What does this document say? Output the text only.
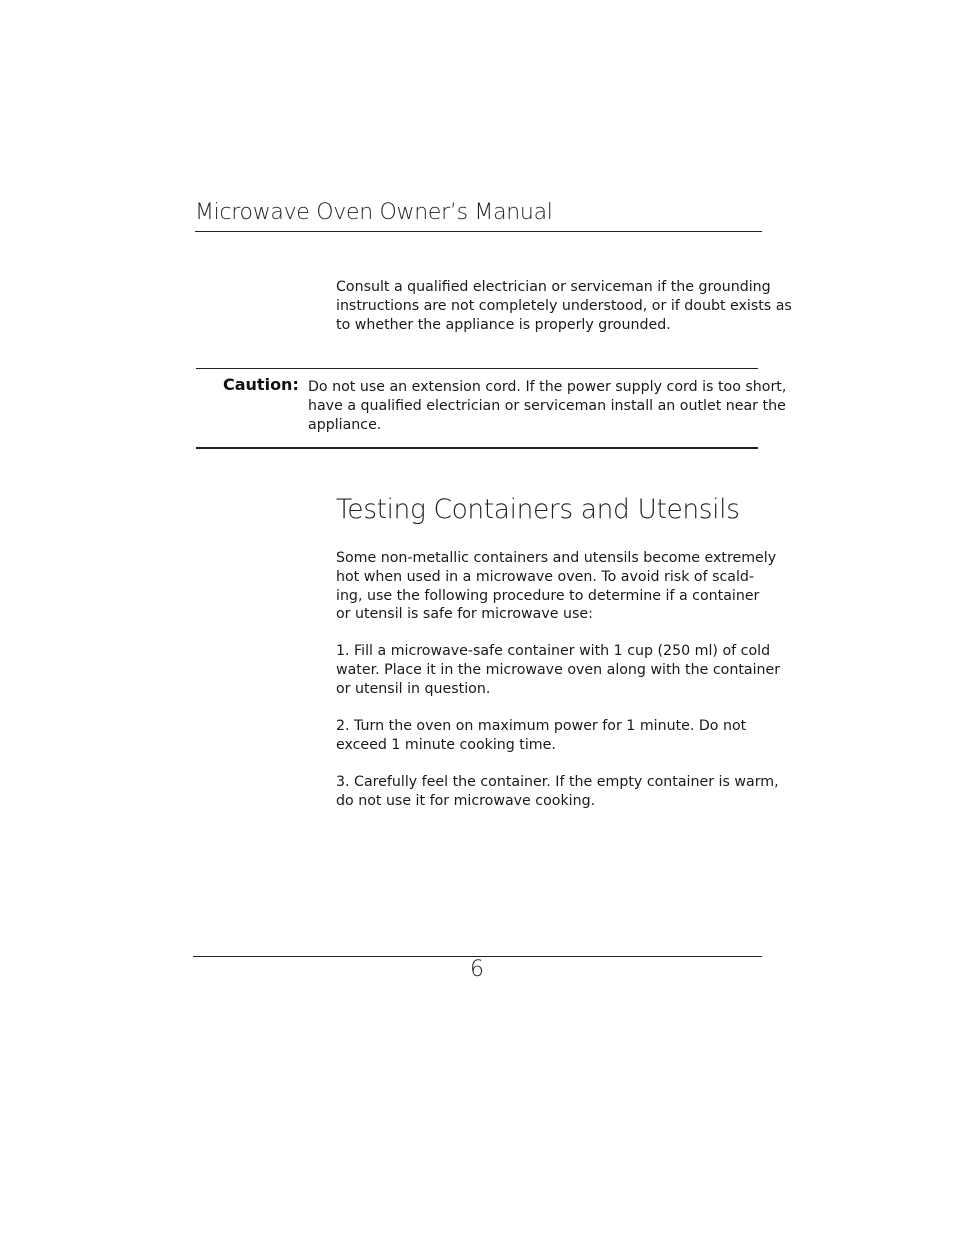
Microwave Oven Owner’s Manual

Consult a qualified electrician or serviceman if the grounding
instructions are not completely understood, or if doubt exists as
to whether the appliance is properly grounded.

Caution: Do not use an extension cord. If the power supply cord is too short,
have a qualified electrician or serviceman install an outlet near the
appliance.

Testing Containers and Utensils

Some non-metallic containers and utensils become extremely
hot when used in a microwave oven. To avoid risk of scald-
ing, use the following procedure to determine if a container
or utensil is safe for microwave use:

1. Fill a microwave-safe container with 1 cup (250 ml) of cold
water. Place it in the microwave oven along with the container
or utensil in question.

2. Turn the oven on maximum power for 1 minute. Do not
exceed 1 minute cooking time.

3. Carefully feel the container. If the empty container is warm,
do not use it for microwave cooking.

6
